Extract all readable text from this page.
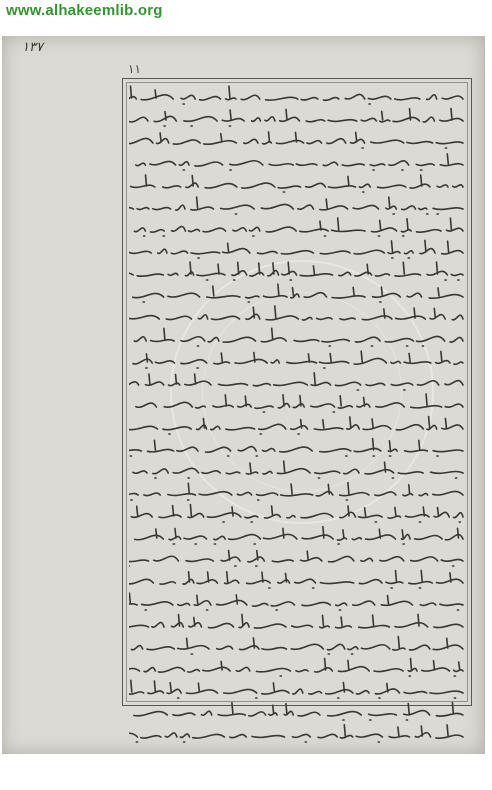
www.alhakeemlib.org
١٣٧
١١
